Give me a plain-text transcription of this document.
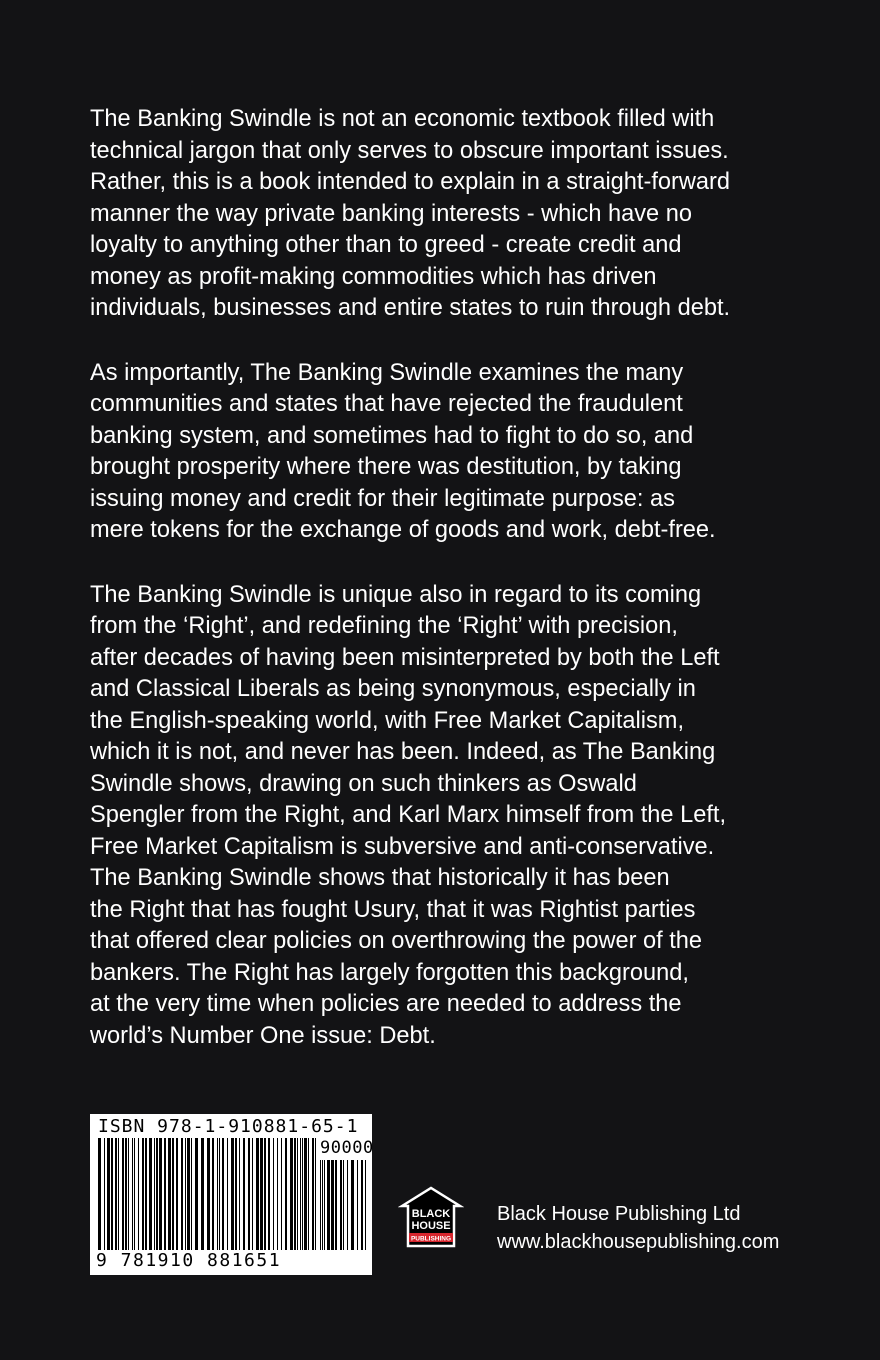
The Banking Swindle is not an economic textbook filled with
technical jargon that only serves to obscure important issues.
Rather, this is a book intended to explain in a straight-forward
manner the way private banking interests - which have no
loyalty to anything other than to greed - create credit and
money as profit-making commodities which has driven
individuals, businesses and entire states to ruin through debt.

As importantly, The Banking Swindle examines the many
communities and states that have rejected the fraudulent
banking system, and sometimes had to fight to do so, and
brought prosperity where there was destitution, by taking
issuing money and credit for their legitimate purpose: as
mere tokens for the exchange of goods and work, debt-free.

The Banking Swindle is unique also in regard to its coming
from the ‘Right’, and redefining the ‘Right’ with precision,
after decades of having been misinterpreted by both the Left
and Classical Liberals as being synonymous, especially in
the English-speaking world, with Free Market Capitalism,
which it is not, and never has been. Indeed, as The Banking
Swindle shows, drawing on such thinkers as Oswald
Spengler from the Right, and Karl Marx himself from the Left,
Free Market Capitalism is subversive and anti-conservative.
The Banking Swindle shows that historically it has been
the Right that has fought Usury, that it was Rightist parties
that offered clear policies on overthrowing the power of the
bankers. The Right has largely forgotten this background,
at the very time when policies are needed to address the
world’s Number One issue: Debt.

ISBN 978-1-910881-65-1
90000
9 781910 881651
BLACK
HOUSE
PUBLISHING
Black House Publishing Ltd
www.blackhousepublishing.com
